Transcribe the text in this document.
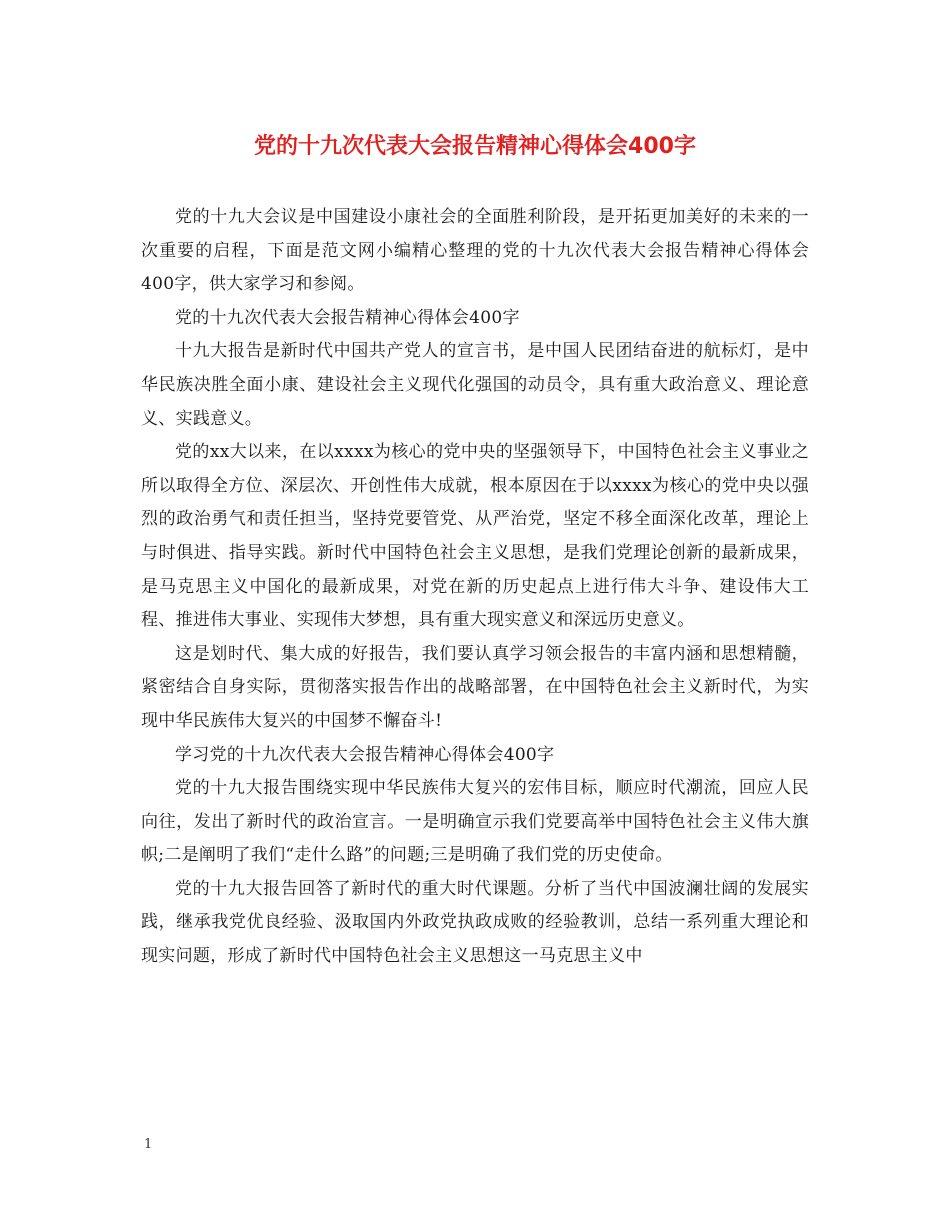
党的十九次代表大会报告精神心得体会400字

党的十九大会议是中国建设小康社会的全面胜利阶段，是开拓更加美好的未来的一次重要的启程，下面是范文网小编精心整理的党的十九次代表大会报告精神心得体会400字，供大家学习和参阅。

党的十九次代表大会报告精神心得体会400字

十九大报告是新时代中国共产党人的宣言书，是中国人民团结奋进的航标灯，是中华民族决胜全面小康、建设社会主义现代化强国的动员令，具有重大政治意义、理论意义、实践意义。

党的xx大以来，在以xxxx为核心的党中央的坚强领导下，中国特色社会主义事业之所以取得全方位、深层次、开创性伟大成就，根本原因在于以xxxx为核心的党中央以强烈的政治勇气和责任担当，坚持党要管党、从严治党，坚定不移全面深化改革，理论上与时俱进、指导实践。新时代中国特色社会主义思想，是我们党理论创新的最新成果，是马克思主义中国化的最新成果，对党在新的历史起点上进行伟大斗争、建设伟大工程、推进伟大事业、实现伟大梦想，具有重大现实意义和深远历史意义。

这是划时代、集大成的好报告，我们要认真学习领会报告的丰富内涵和思想精髓，紧密结合自身实际，贯彻落实报告作出的战略部署，在中国特色社会主义新时代，为实现中华民族伟大复兴的中国梦不懈奋斗!

学习党的十九次代表大会报告精神心得体会400字

党的十九大报告围绕实现中华民族伟大复兴的宏伟目标，顺应时代潮流，回应人民向往，发出了新时代的政治宣言。一是明确宣示我们党要高举中国特色社会主义伟大旗帜;二是阐明了我们“走什么路”的问题;三是明确了我们党的历史使命。

党的十九大报告回答了新时代的重大时代课题。分析了当代中国波澜壮阔的发展实践，继承我党优良经验、汲取国内外政党执政成败的经验教训，总结一系列重大理论和现实问题，形成了新时代中国特色社会主义思想这一马克思主义中

1
